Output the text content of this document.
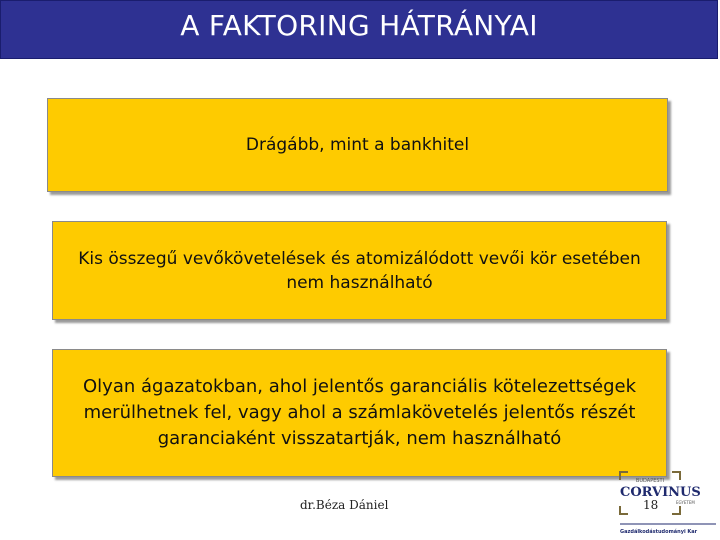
A FAKTORING HÁTRÁNYAI
Drágább, mint a bankhitel
Kis összegű vevőkövetelések és atomizálódott vevői kör esetében nem használható
Olyan ágazatokban, ahol jelentős garanciális kötelezettségek merülhetnek fel, vagy ahol a számlakövetelés jelentős részét garanciaként visszatartják, nem használható
dr.Béza Dániel
BUDAPESTI
CORVINUS
EGYETEM
Gazdálkodástudományi Kar
18
